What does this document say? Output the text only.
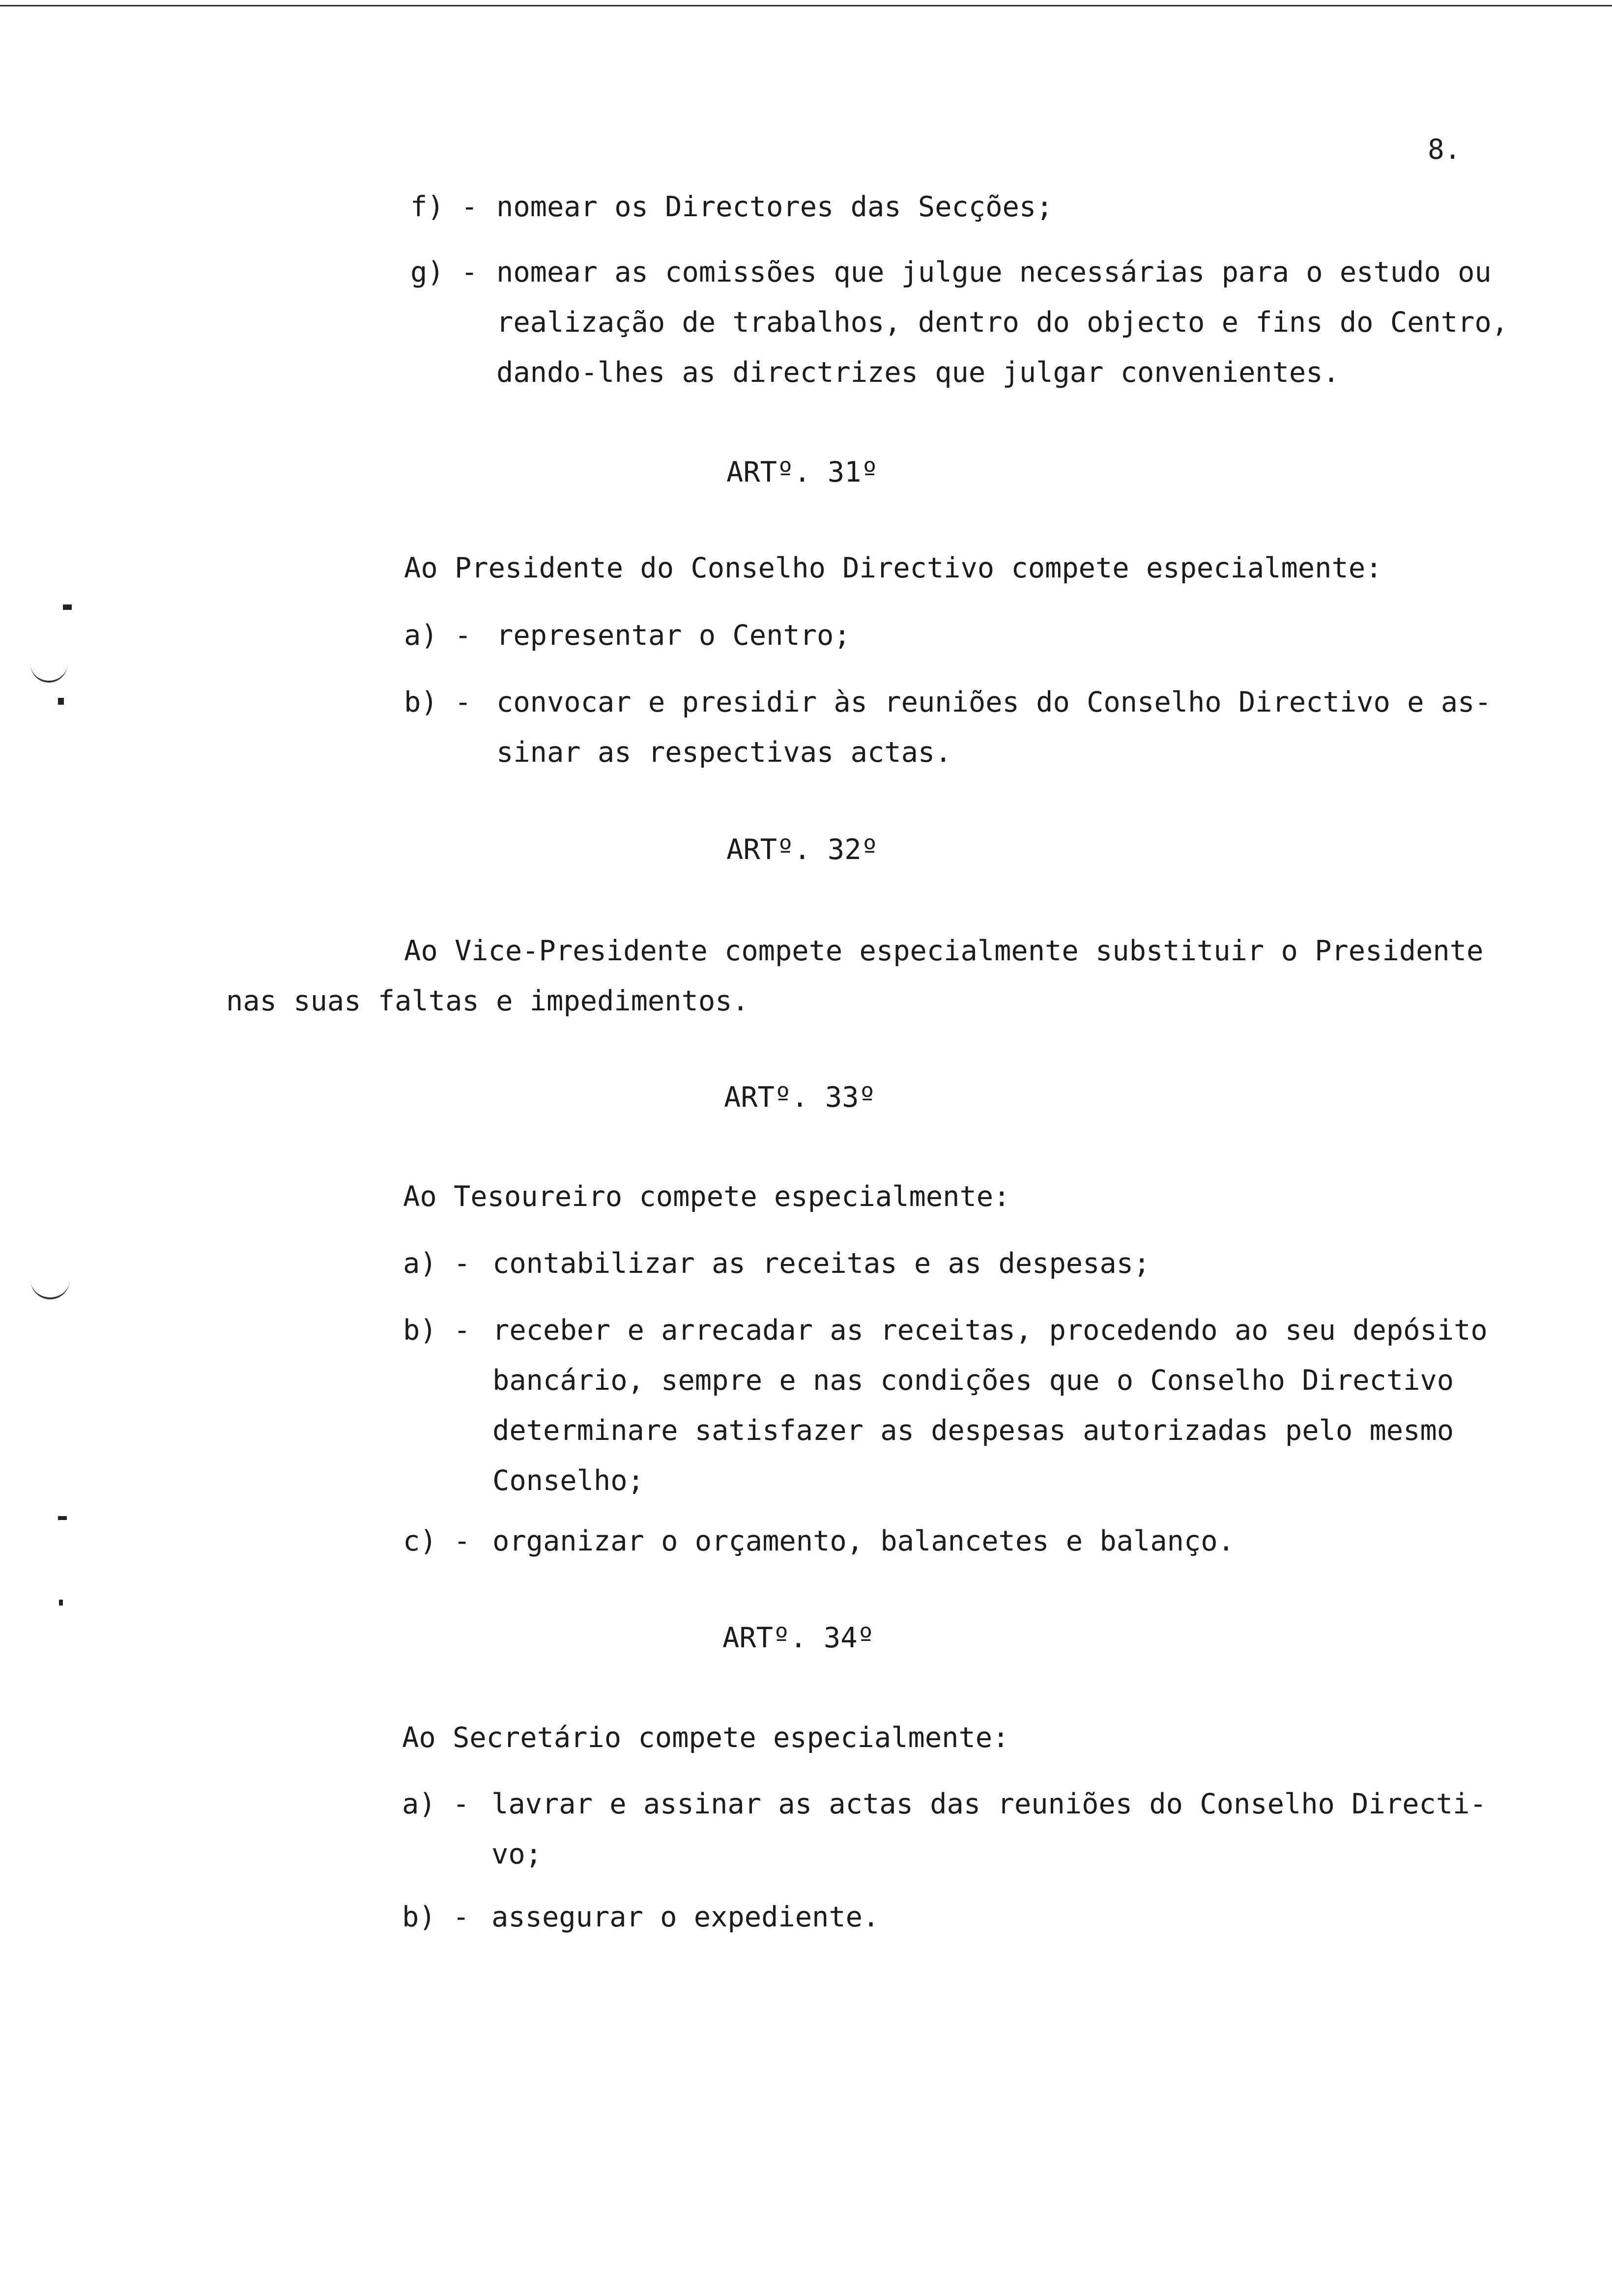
8.
f) - nomear os Directores das Secções;
g) - nomear as comissões que julgue necessárias para o estudo ou
realização de trabalhos, dentro do objecto e fins do Centro,
dando-lhes as directrizes que julgar convenientes.
ARTº. 31º
Ao Presidente do Conselho Directivo compete especialmente:
a) - representar o Centro;
b) - convocar e presidir às reuniões do Conselho Directivo e as-
sinar as respectivas actas.
ARTº. 32º
Ao Vice-Presidente compete especialmente substituir o Presidente
nas suas faltas e impedimentos.
ARTº. 33º
Ao Tesoureiro compete especialmente:
a) - contabilizar as receitas e as despesas;
b) - receber e arrecadar as receitas, procedendo ao seu depósito
bancário, sempre e nas condições que o Conselho Directivo
determinare satisfazer as despesas autorizadas pelo mesmo
Conselho;
c) - organizar o orçamento, balancetes e balanço.
ARTº. 34º
Ao Secretário compete especialmente:
a) - lavrar e assinar as actas das reuniões do Conselho Directi-
vo;
b) - assegurar o expediente.
